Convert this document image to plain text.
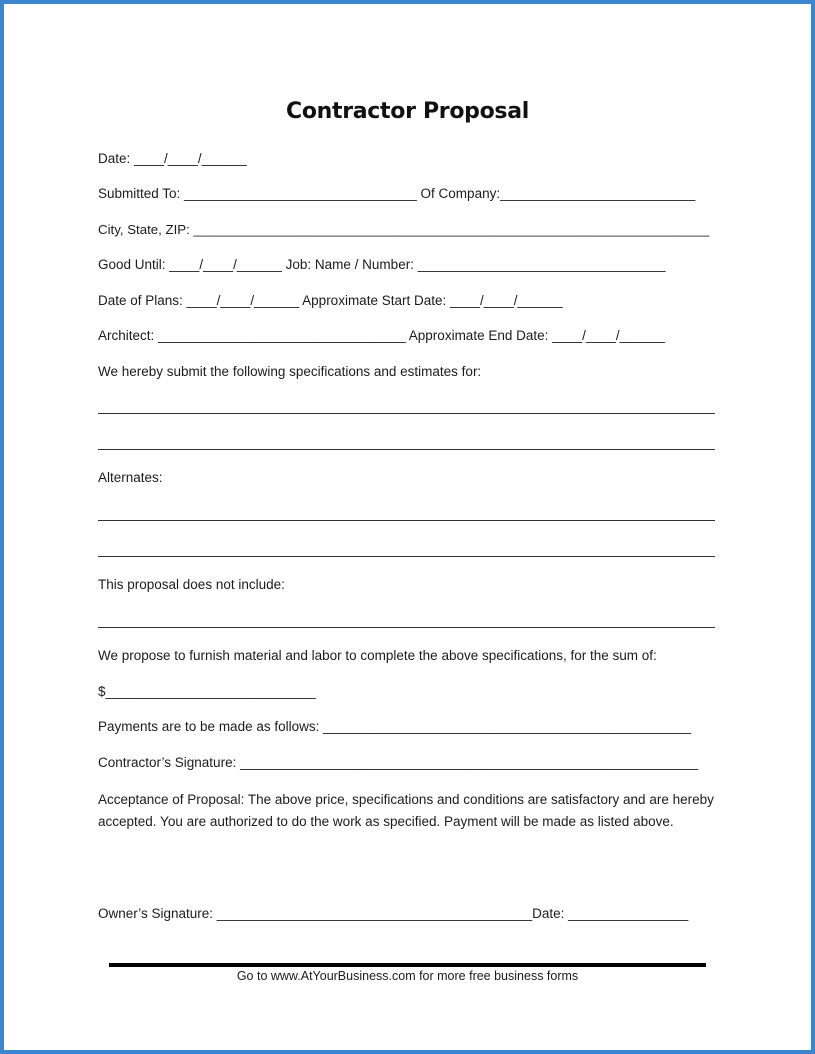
Contractor Proposal
Date: ____/____/______
Submitted To: _______________________________ Of Company:__________________________
City, State, ZIP: ______________________________________________________________________
Good Until: ____/____/______ Job: Name / Number: _________________________________
Date of Plans: ____/____/______ Approximate Start Date: ____/____/______
Architect: _________________________________ Approximate End Date: ____/____/______
We hereby submit the following specifications and estimates for:
Alternates:
This proposal does not include:
We propose to furnish material and labor to complete the above specifications, for the sum of:
$____________________________
Payments are to be made as follows: _________________________________________________
Contractor’s Signature: _____________________________________________________________
Acceptance of Proposal: The above price, specifications and conditions are satisfactory and are hereby accepted. You are authorized to do the work as specified. Payment will be made as listed above.
Owner’s Signature: __________________________________________Date: ________________
Go to www.AtYourBusiness.com for more free business forms
